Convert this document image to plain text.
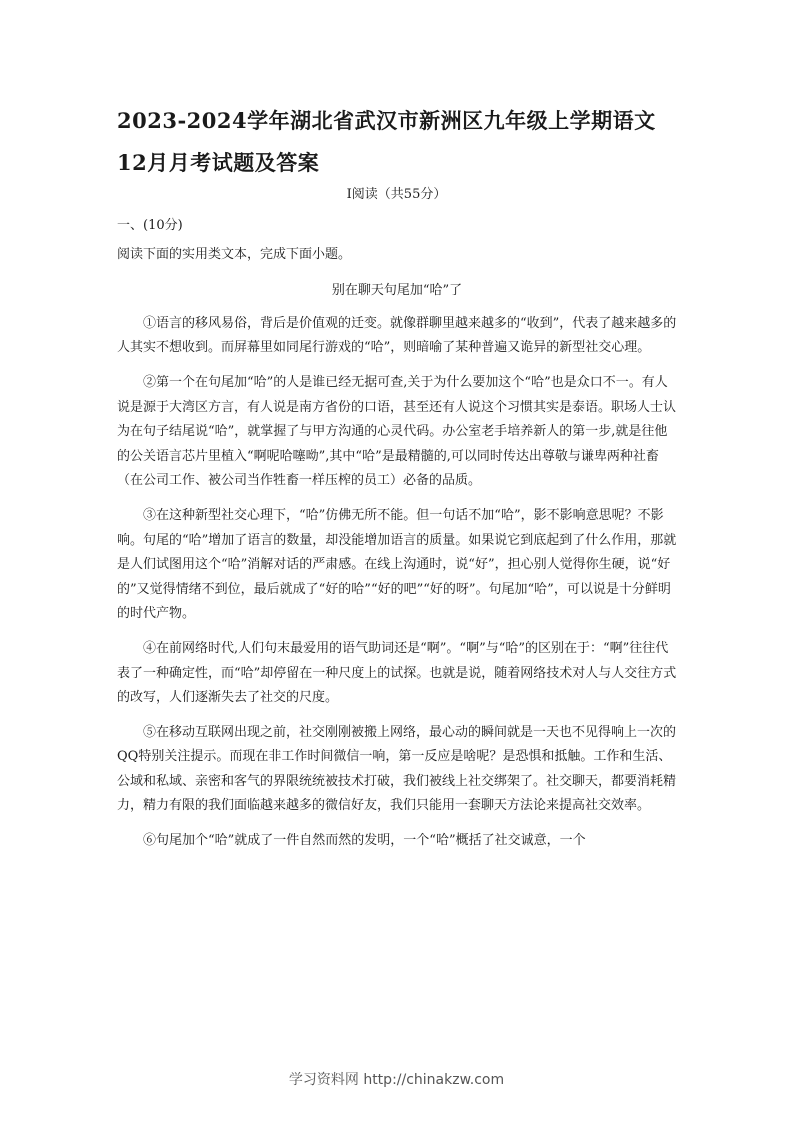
2023-2024学年湖北省武汉市新洲区九年级上学期语文12月月考试题及答案
Ⅰ阅读（共55分）

一、(10分)

阅读下面的实用类文本，完成下面小题。

别在聊天句尾加“哈”了

①语言的移风易俗，背后是价值观的迁变。就像群聊里越来越多的“收到”，代表了越来越多的人其实不想收到。而屏幕里如同尾行游戏的“哈”，则暗喻了某种普遍又诡异的新型社交心理。

②第一个在句尾加“哈”的人是谁已经无据可查,关于为什么要加这个“哈”也是众口不一。有人说是源于大湾区方言，有人说是南方省份的口语，甚至还有人说这个习惯其实是泰语。职场人士认为在句子结尾说“哈”，就掌握了与甲方沟通的心灵代码。办公室老手培养新人的第一步,就是往他的公关语言芯片里植入“啊呢哈噻呦”,其中“哈”是最精髓的,可以同时传达出尊敬与谦卑两种社畜（在公司工作、被公司当作牲畜一样压榨的员工）必备的品质。

③在这种新型社交心理下，“哈”仿佛无所不能。但一句话不加“哈”，影不影响意思呢？不影响。句尾的“哈”增加了语言的数量，却没能增加语言的质量。如果说它到底起到了什么作用，那就是人们试图用这个“哈”消解对话的严肃感。在线上沟通时，说“好”，担心别人觉得你生硬，说“好的”又觉得情绪不到位，最后就成了“好的哈”“好的吧”“好的呀”。句尾加“哈”，可以说是十分鲜明的时代产物。

④在前网络时代,人们句末最爱用的语气助词还是“啊”。“啊”与“哈”的区别在于：“啊”往往代表了一种确定性，而“哈”却停留在一种尺度上的试探。也就是说，随着网络技术对人与人交往方式的改写，人们逐渐失去了社交的尺度。

⑤在移动互联网出现之前，社交刚刚被搬上网络，最心动的瞬间就是一天也不见得响上一次的QQ特别关注提示。而现在非工作时间微信一响，第一反应是啥呢？是恐惧和抵触。工作和生活、公域和私域、亲密和客气的界限统统被技术打破，我们被线上社交绑架了。社交聊天，都要消耗精力，精力有限的我们面临越来越多的微信好友，我们只能用一套聊天方法论来提高社交效率。

⑥句尾加个“哈”就成了一件自然而然的发明，一个“哈”概括了社交诚意，一个

学习资料网 http://chinakzw.com
